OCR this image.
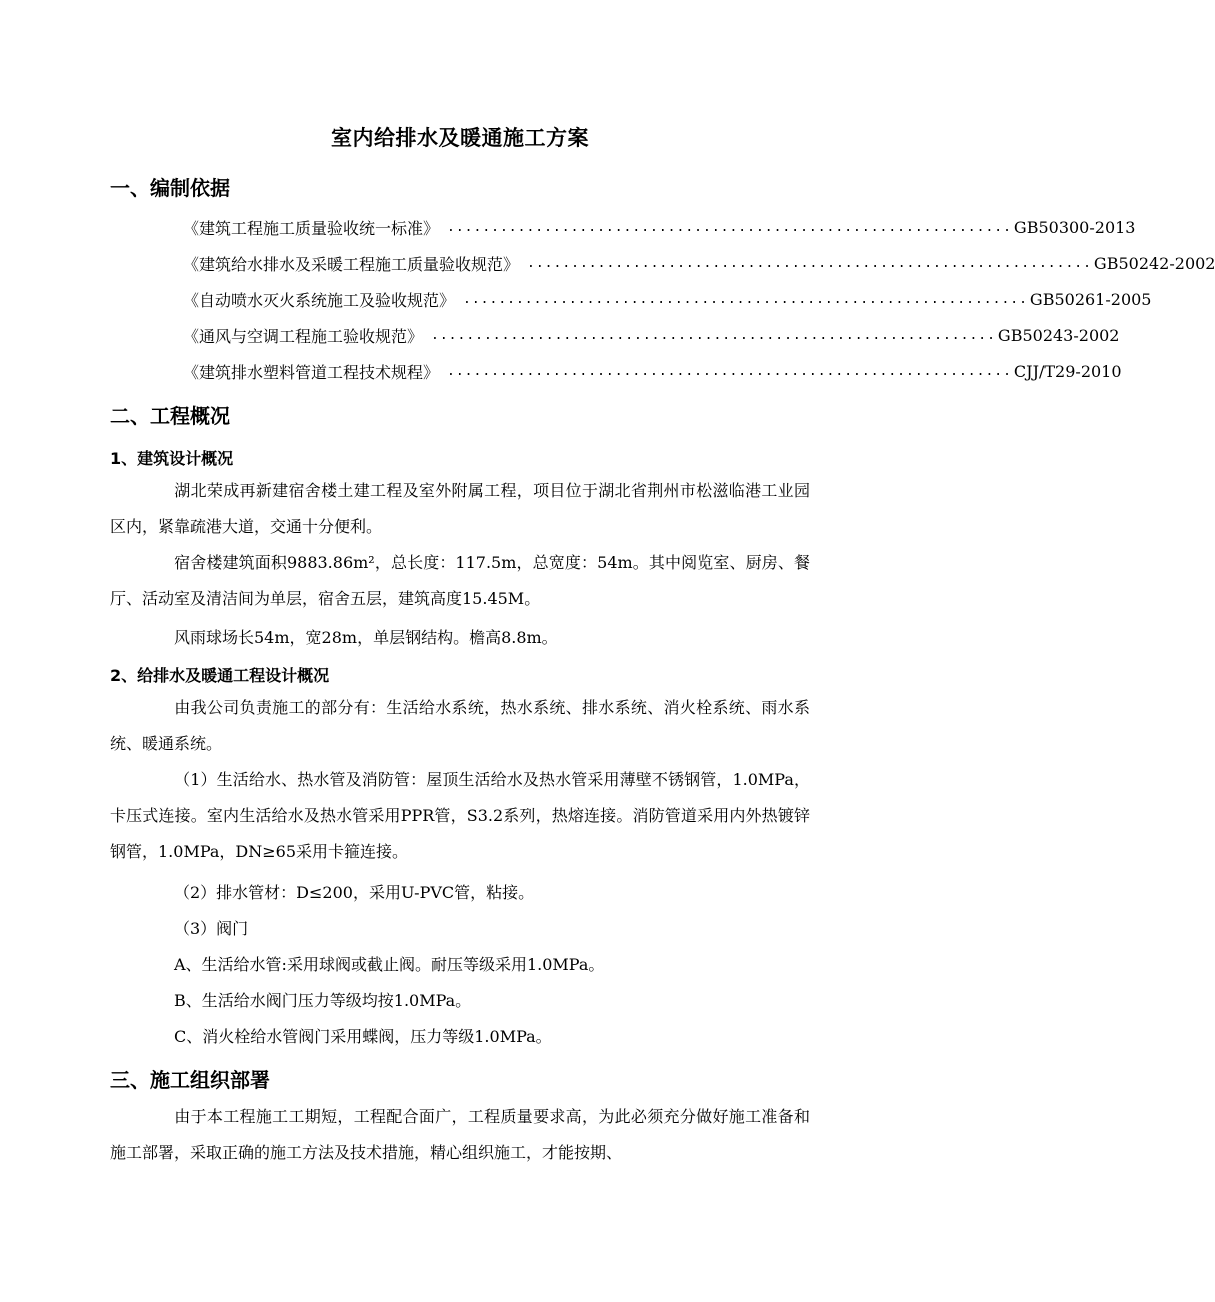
室内给排水及暖通施工方案
一、编制依据
《建筑工程施工质量验收统一标准》 ................................................................ GB50300-2013
《建筑给水排水及采暖工程施工质量验收规范》 ................................................................ GB50242-2002
《自动喷水灭火系统施工及验收规范》 ................................................................ GB50261-2005
《通风与空调工程施工验收规范》 ................................................................ GB50243-2002
《建筑排水塑料管道工程技术规程》 ................................................................ CJJ/T29-2010
二、工程概况
1、建筑设计概况
湖北荣成再新建宿舍楼土建工程及室外附属工程，项目位于湖北省荆州市松滋临港工业园区内，紧靠疏港大道，交通十分便利。
宿舍楼建筑面积9883.86m²，总长度：117.5m，总宽度：54m。其中阅览室、厨房、餐厅、活动室及清洁间为单层，宿舍五层，建筑高度15.45M。
风雨球场长54m，宽28m，单层钢结构。檐高8.8m。
2、给排水及暖通工程设计概况
由我公司负责施工的部分有：生活给水系统，热水系统、排水系统、消火栓系统、雨水系统、暖通系统。
（1）生活给水、热水管及消防管：屋顶生活给水及热水管采用薄壁不锈钢管，1.0MPa，卡压式连接。室内生活给水及热水管采用PPR管，S3.2系列，热熔连接。消防管道采用内外热镀锌钢管，1.0MPa，DN≥65采用卡箍连接。
（2）排水管材：D≤200，采用U-PVC管，粘接。
（3）阀门
A、生活给水管:采用球阀或截止阀。耐压等级采用1.0MPa。
B、生活给水阀门压力等级均按1.0MPa。
C、消火栓给水管阀门采用蝶阀，压力等级1.0MPa。
三、施工组织部署
由于本工程施工工期短，工程配合面广，工程质量要求高，为此必须充分做好施工准备和施工部署，采取正确的施工方法及技术措施，精心组织施工，才能按期、
